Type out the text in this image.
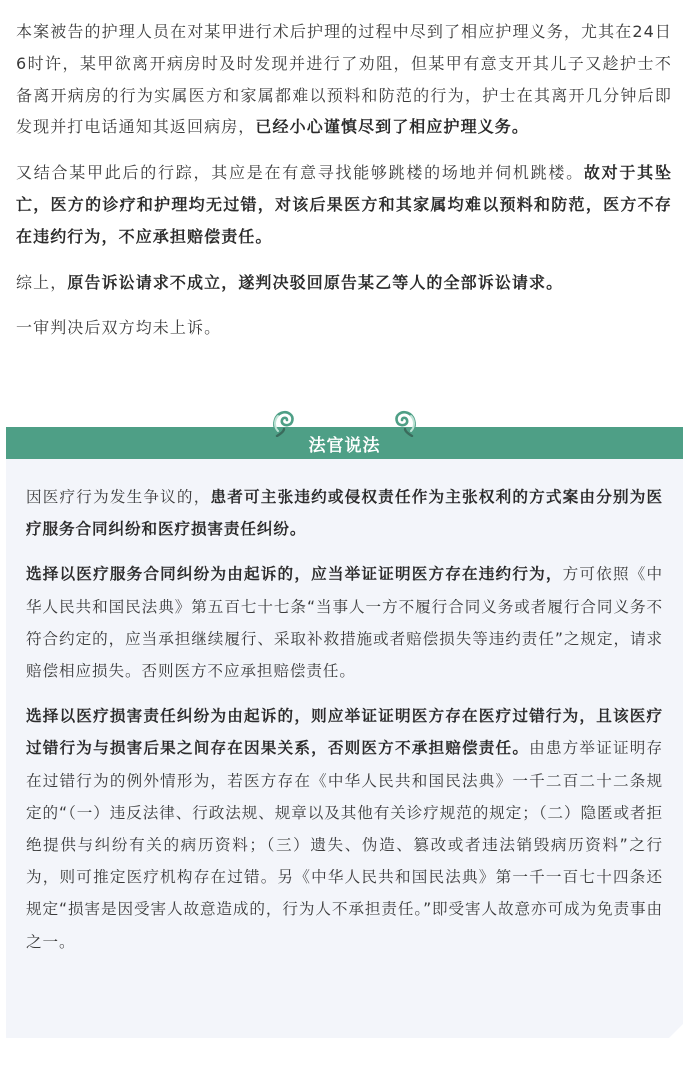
本案被告的护理人员在对某甲进行术后护理的过程中尽到了相应护理义务，尤其在24日6时许，某甲欲离开病房时及时发现并进行了劝阻，但某甲有意支开其儿子又趁护士不备离开病房的行为实属医方和家属都难以预料和防范的行为，护士在其离开几分钟后即发现并打电话通知其返回病房，已经小心谨慎尽到了相应护理义务。

又结合某甲此后的行踪，其应是在有意寻找能够跳楼的场地并伺机跳楼。故对于其坠亡，医方的诊疗和护理均无过错，对该后果医方和其家属均难以预料和防范，医方不存在违约行为，不应承担赔偿责任。

综上，原告诉讼请求不成立，遂判决驳回原告某乙等人的全部诉讼请求。

一审判决后双方均未上诉。

法官说法

因医疗行为发生争议的，患者可主张违约或侵权责任作为主张权利的方式案由分别为医疗服务合同纠纷和医疗损害责任纠纷。

选择以医疗服务合同纠纷为由起诉的，应当举证证明医方存在违约行为，方可依照《中华人民共和国民法典》第五百七十七条“当事人一方不履行合同义务或者履行合同义务不符合约定的，应当承担继续履行、采取补救措施或者赔偿损失等违约责任”之规定，请求赔偿相应损失。否则医方不应承担赔偿责任。

选择以医疗损害责任纠纷为由起诉的，则应举证证明医方存在医疗过错行为，且该医疗过错行为与损害后果之间存在因果关系，否则医方不承担赔偿责任。由患方举证证明存在过错行为的例外情形为，若医方存在《中华人民共和国民法典》一千二百二十二条规定的“（一）违反法律、行政法规、规章以及其他有关诊疗规范的规定；（二）隐匿或者拒绝提供与纠纷有关的病历资料；（三）遗失、伪造、篡改或者违法销毁病历资料”之行为，则可推定医疗机构存在过错。另《中华人民共和国民法典》第一千一百七十四条还规定“损害是因受害人故意造成的，行为人不承担责任。”即受害人故意亦可成为免责事由之一。
